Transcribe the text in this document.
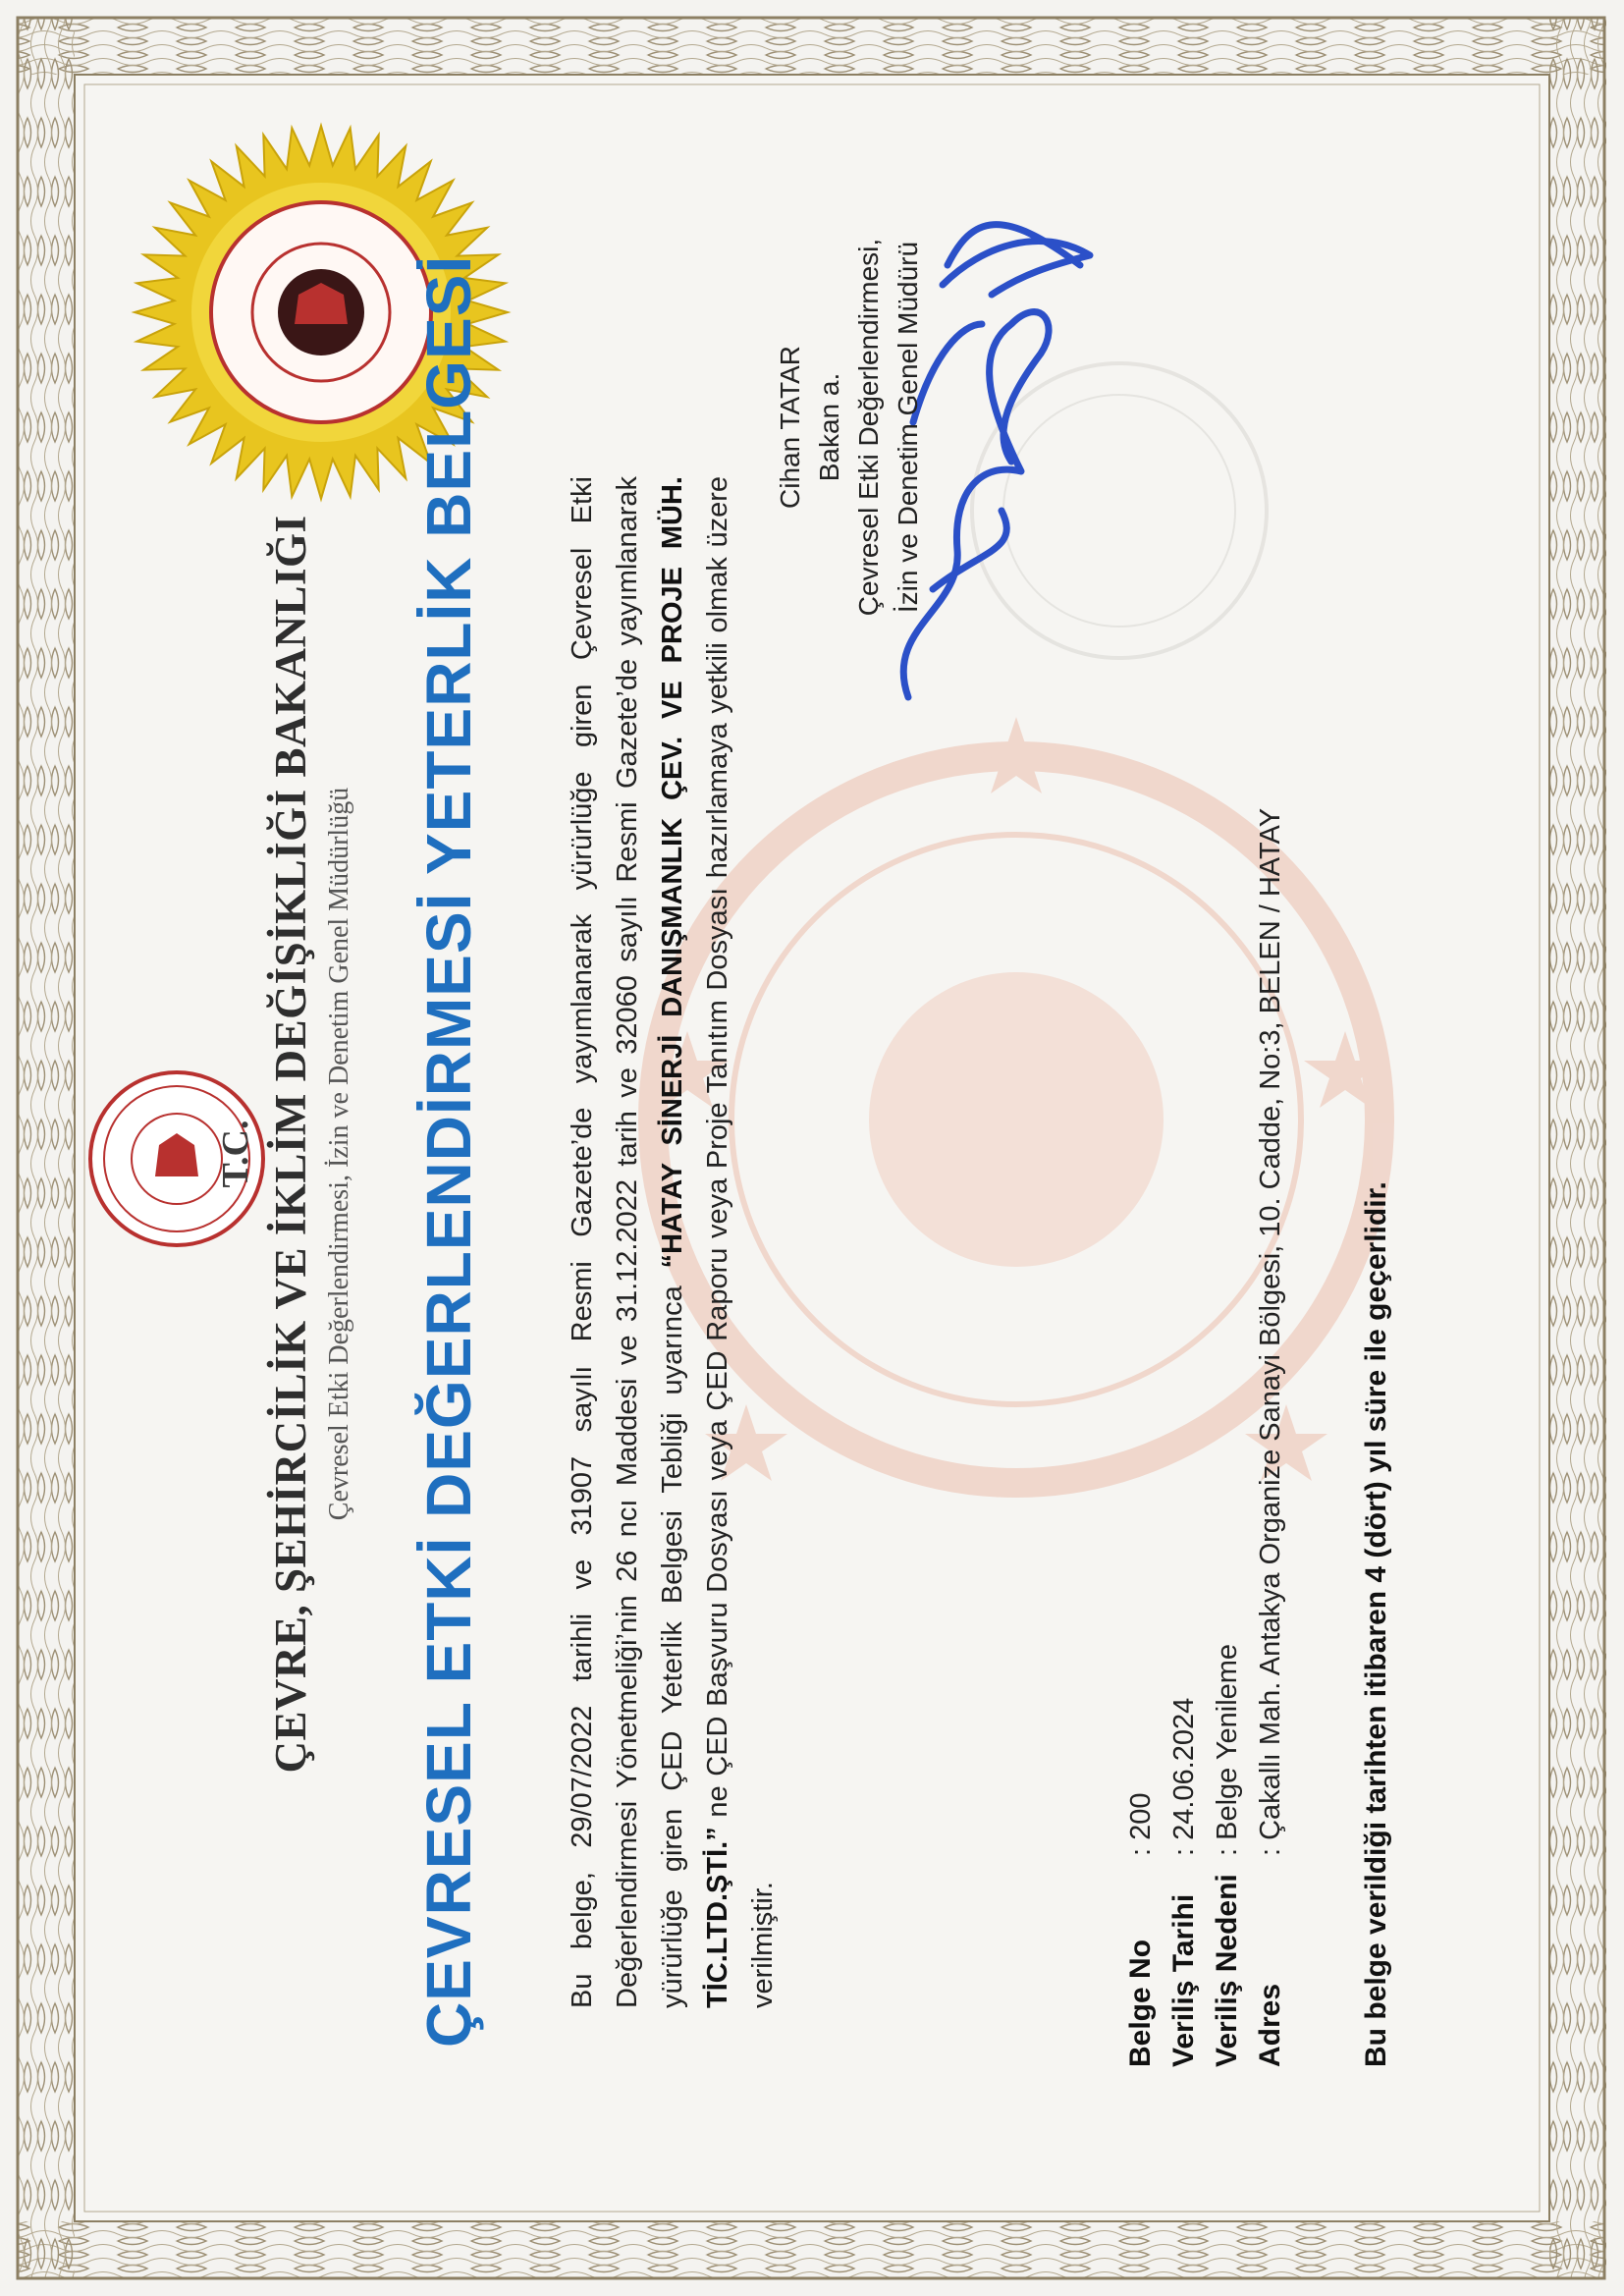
T.C. ÇEVRE, ŞEHİRCİLİK VE İKLİM DEĞİŞİKLİĞİ BAKANLIĞI Çevresel Etki Değerlendirmesi, İzin ve Denetim Genel Müdürlüğü ÇEVRESEL ETKİ DEĞERLENDİRMESİ YETERLİK BELGESİ	Bu belge, 29/07/2022 tarihli ve 31907 sayılı Resmi Gazete’de yayımlanarak yürürlüğe giren Çevresel Etki Değerlendirmesi Yönetmeliği’nin 26 ncı Maddesi ve 31.12.2022 tarih ve 32060 sayılı Resmi Gazete’de yayımlanarak yürürlüğe giren ÇED Yeterlik Belgesi Tebliği uyarınca “HATAY SİNERJİ DANIŞMANLIK ÇEV. VE PROJE MÜH. TİC.LTD.ŞTİ.” ne ÇED Başvuru Dosyası veya ÇED Raporu veya Proje Tanıtım Dosyası hazırlamaya yetkili olmak üzere verilmiştir.
Cihan TATAR Bakan a. Çevresel Etki Değerlendirmesi, İzin ve Denetim Genel Müdürü
Belge No
: 200
Veriliş Tarihi
: 24.06.2024
Veriliş Nedeni
: Belge Yenileme
Adres
: Çakallı Mah. Antakya Organize Sanayi Bölgesi, 10. Cadde, No:3, BELEN / HATAY	Bu belge verildiği tarihten itibaren 4 (dört) yıl süre ile geçerlidir.
